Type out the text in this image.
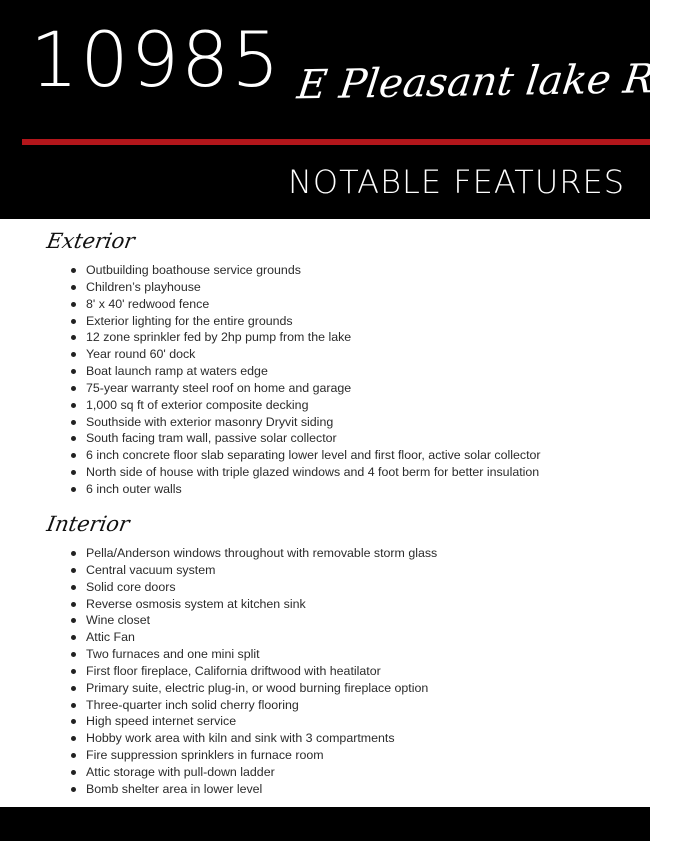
10985 E Pleasant lake Rd.
NOTABLE FEATURES
Exterior
Outbuilding boathouse service grounds
Children’s playhouse
8' x 40' redwood fence
Exterior lighting for the entire grounds
12 zone sprinkler fed by 2hp pump from the lake
Year round 60' dock
Boat launch ramp at waters edge
75-year warranty steel roof on home and garage
1,000 sq ft of exterior composite decking
Southside with exterior masonry Dryvit siding
South facing tram wall, passive solar collector
6 inch concrete floor slab separating lower level and first floor, active solar collector
North side of house with triple glazed windows and 4 foot berm for better insulation
6 inch outer walls
Interior
Pella/Anderson windows throughout with removable storm glass
Central vacuum system
Solid core doors
Reverse osmosis system at kitchen sink
Wine closet
Attic Fan
Two furnaces and one mini split
First floor fireplace, California driftwood with heatilator
Primary suite, electric plug-in, or wood burning fireplace option
Three-quarter inch solid cherry flooring
High speed internet service
Hobby work area with kiln and sink with 3 compartments
Fire suppression sprinklers in furnace room
Attic storage with pull-down ladder
Bomb shelter area in lower level
